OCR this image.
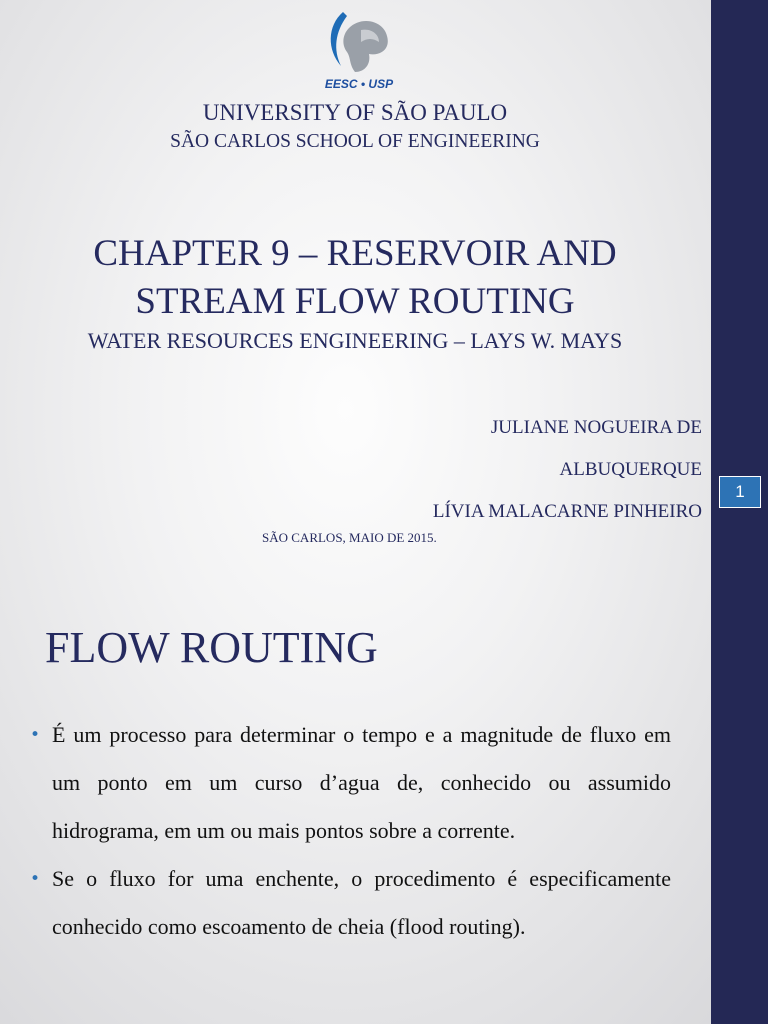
EESC • USP
UNIVERSITY OF SÃO PAULO
SÃO CARLOS SCHOOL OF ENGINEERING
CHAPTER 9 – RESERVOIR AND
STREAM FLOW ROUTING
WATER RESOURCES ENGINEERING – LAYS W. MAYS
JULIANE NOGUEIRA DE
ALBUQUERQUE
LÍVIA MALACARNE PINHEIRO
SÃO CARLOS, MAIO DE 2015.
FLOW ROUTING
• É um processo para determinar o tempo e a magnitude de fluxo em um ponto em um curso d’agua de, conhecido ou assumido hidrograma, em um ou mais pontos sobre a corrente.
• Se o fluxo for uma enchente, o procedimento é especificamente conhecido como escoamento de cheia (flood routing).
1
